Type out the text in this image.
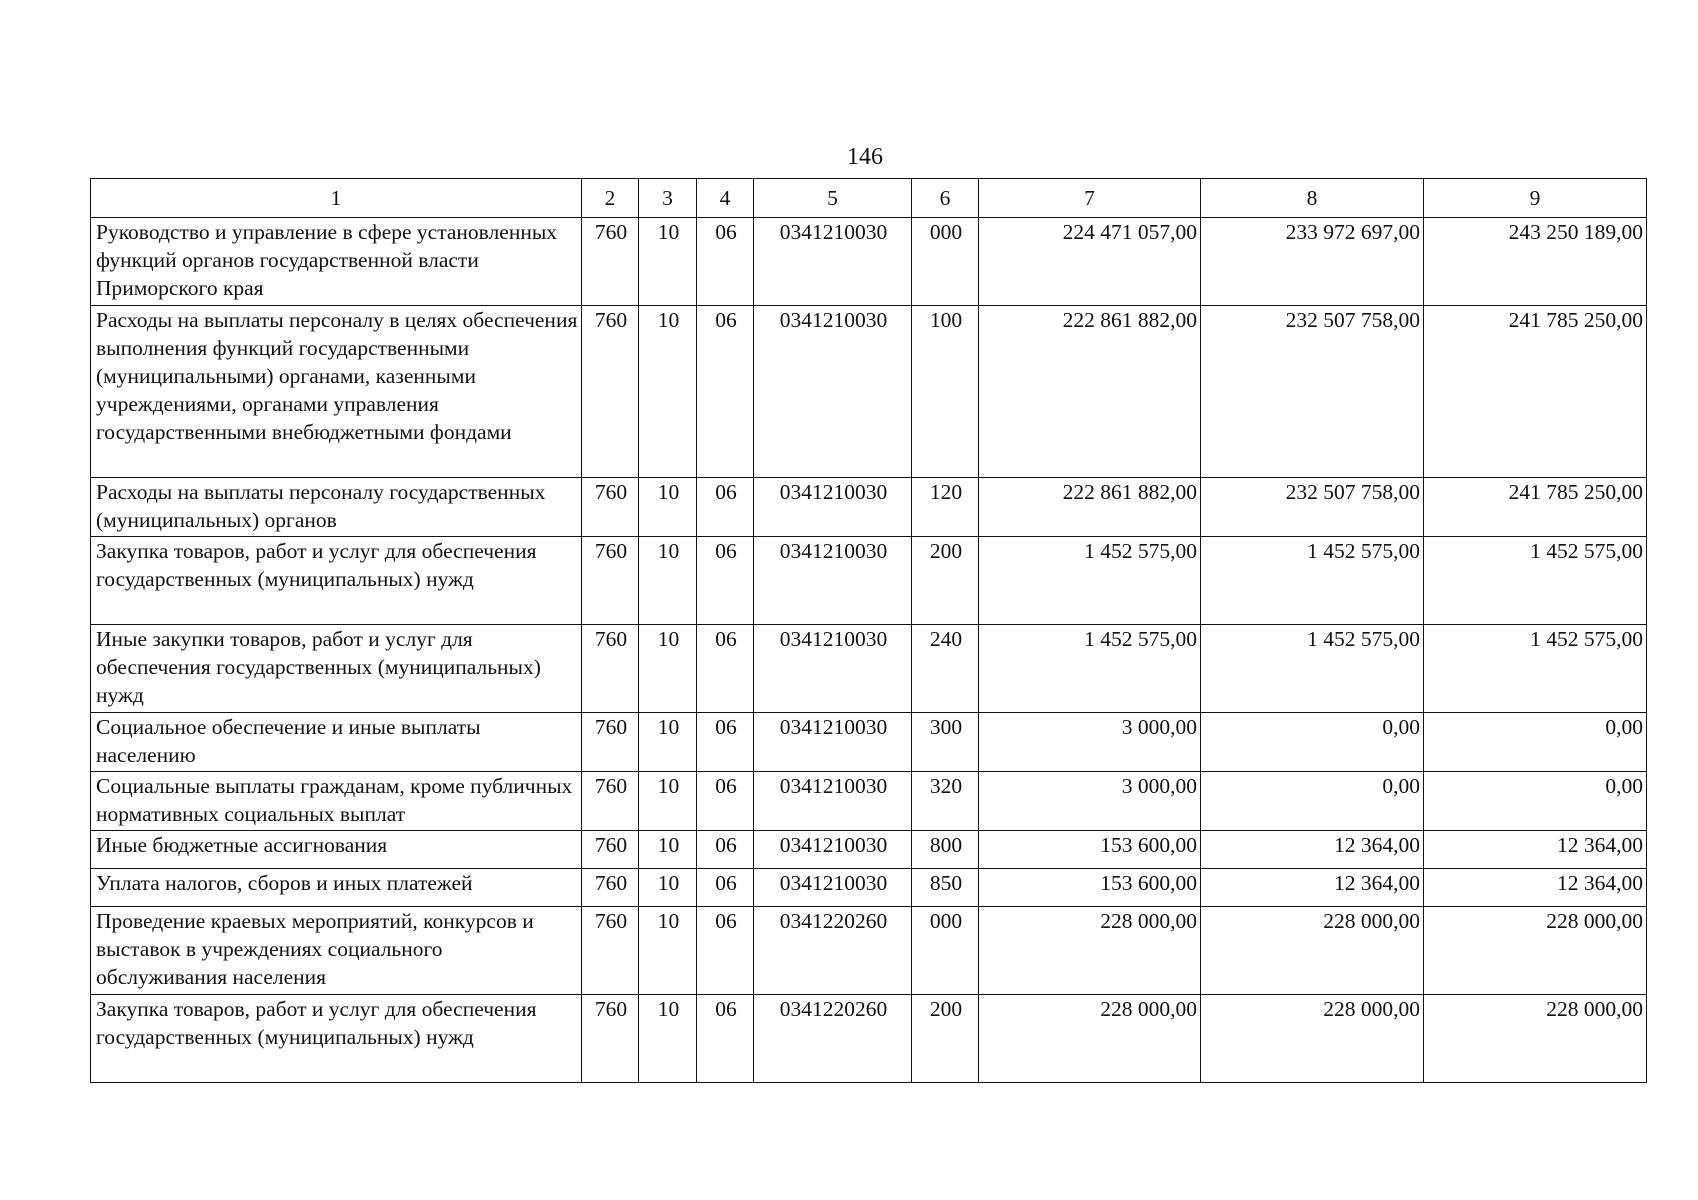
146
1	2	3	4	5	6	7	8	9
Руководство и управление в сфере установленных функций органов государственной власти Приморского края	760	10	06	0341210030	000	224 471 057,00	233 972 697,00	243 250 189,00
Расходы на выплаты персоналу в целях обеспечения выполнения функций государственными (муниципальными) органами, казенными учреждениями, органами управления государственными внебюджетными фондами	760	10	06	0341210030	100	222 861 882,00	232 507 758,00	241 785 250,00
Расходы на выплаты персоналу государственных (муниципальных) органов	760	10	06	0341210030	120	222 861 882,00	232 507 758,00	241 785 250,00
Закупка товаров, работ и услуг для обеспечения государственных (муниципальных) нужд	760	10	06	0341210030	200	1 452 575,00	1 452 575,00	1 452 575,00
Иные закупки товаров, работ и услуг для обеспечения государственных (муниципальных) нужд	760	10	06	0341210030	240	1 452 575,00	1 452 575,00	1 452 575,00
Социальное обеспечение и иные выплаты населению	760	10	06	0341210030	300	3 000,00	0,00	0,00
Социальные выплаты гражданам, кроме публичных нормативных социальных выплат	760	10	06	0341210030	320	3 000,00	0,00	0,00
Иные бюджетные ассигнования	760	10	06	0341210030	800	153 600,00	12 364,00	12 364,00
Уплата налогов, сборов и иных платежей	760	10	06	0341210030	850	153 600,00	12 364,00	12 364,00
Проведение краевых мероприятий, конкурсов и выставок в учреждениях социального обслуживания населения	760	10	06	0341220260	000	228 000,00	228 000,00	228 000,00
Закупка товаров, работ и услуг для обеспечения государственных (муниципальных) нужд	760	10	06	0341220260	200	228 000,00	228 000,00	228 000,00
